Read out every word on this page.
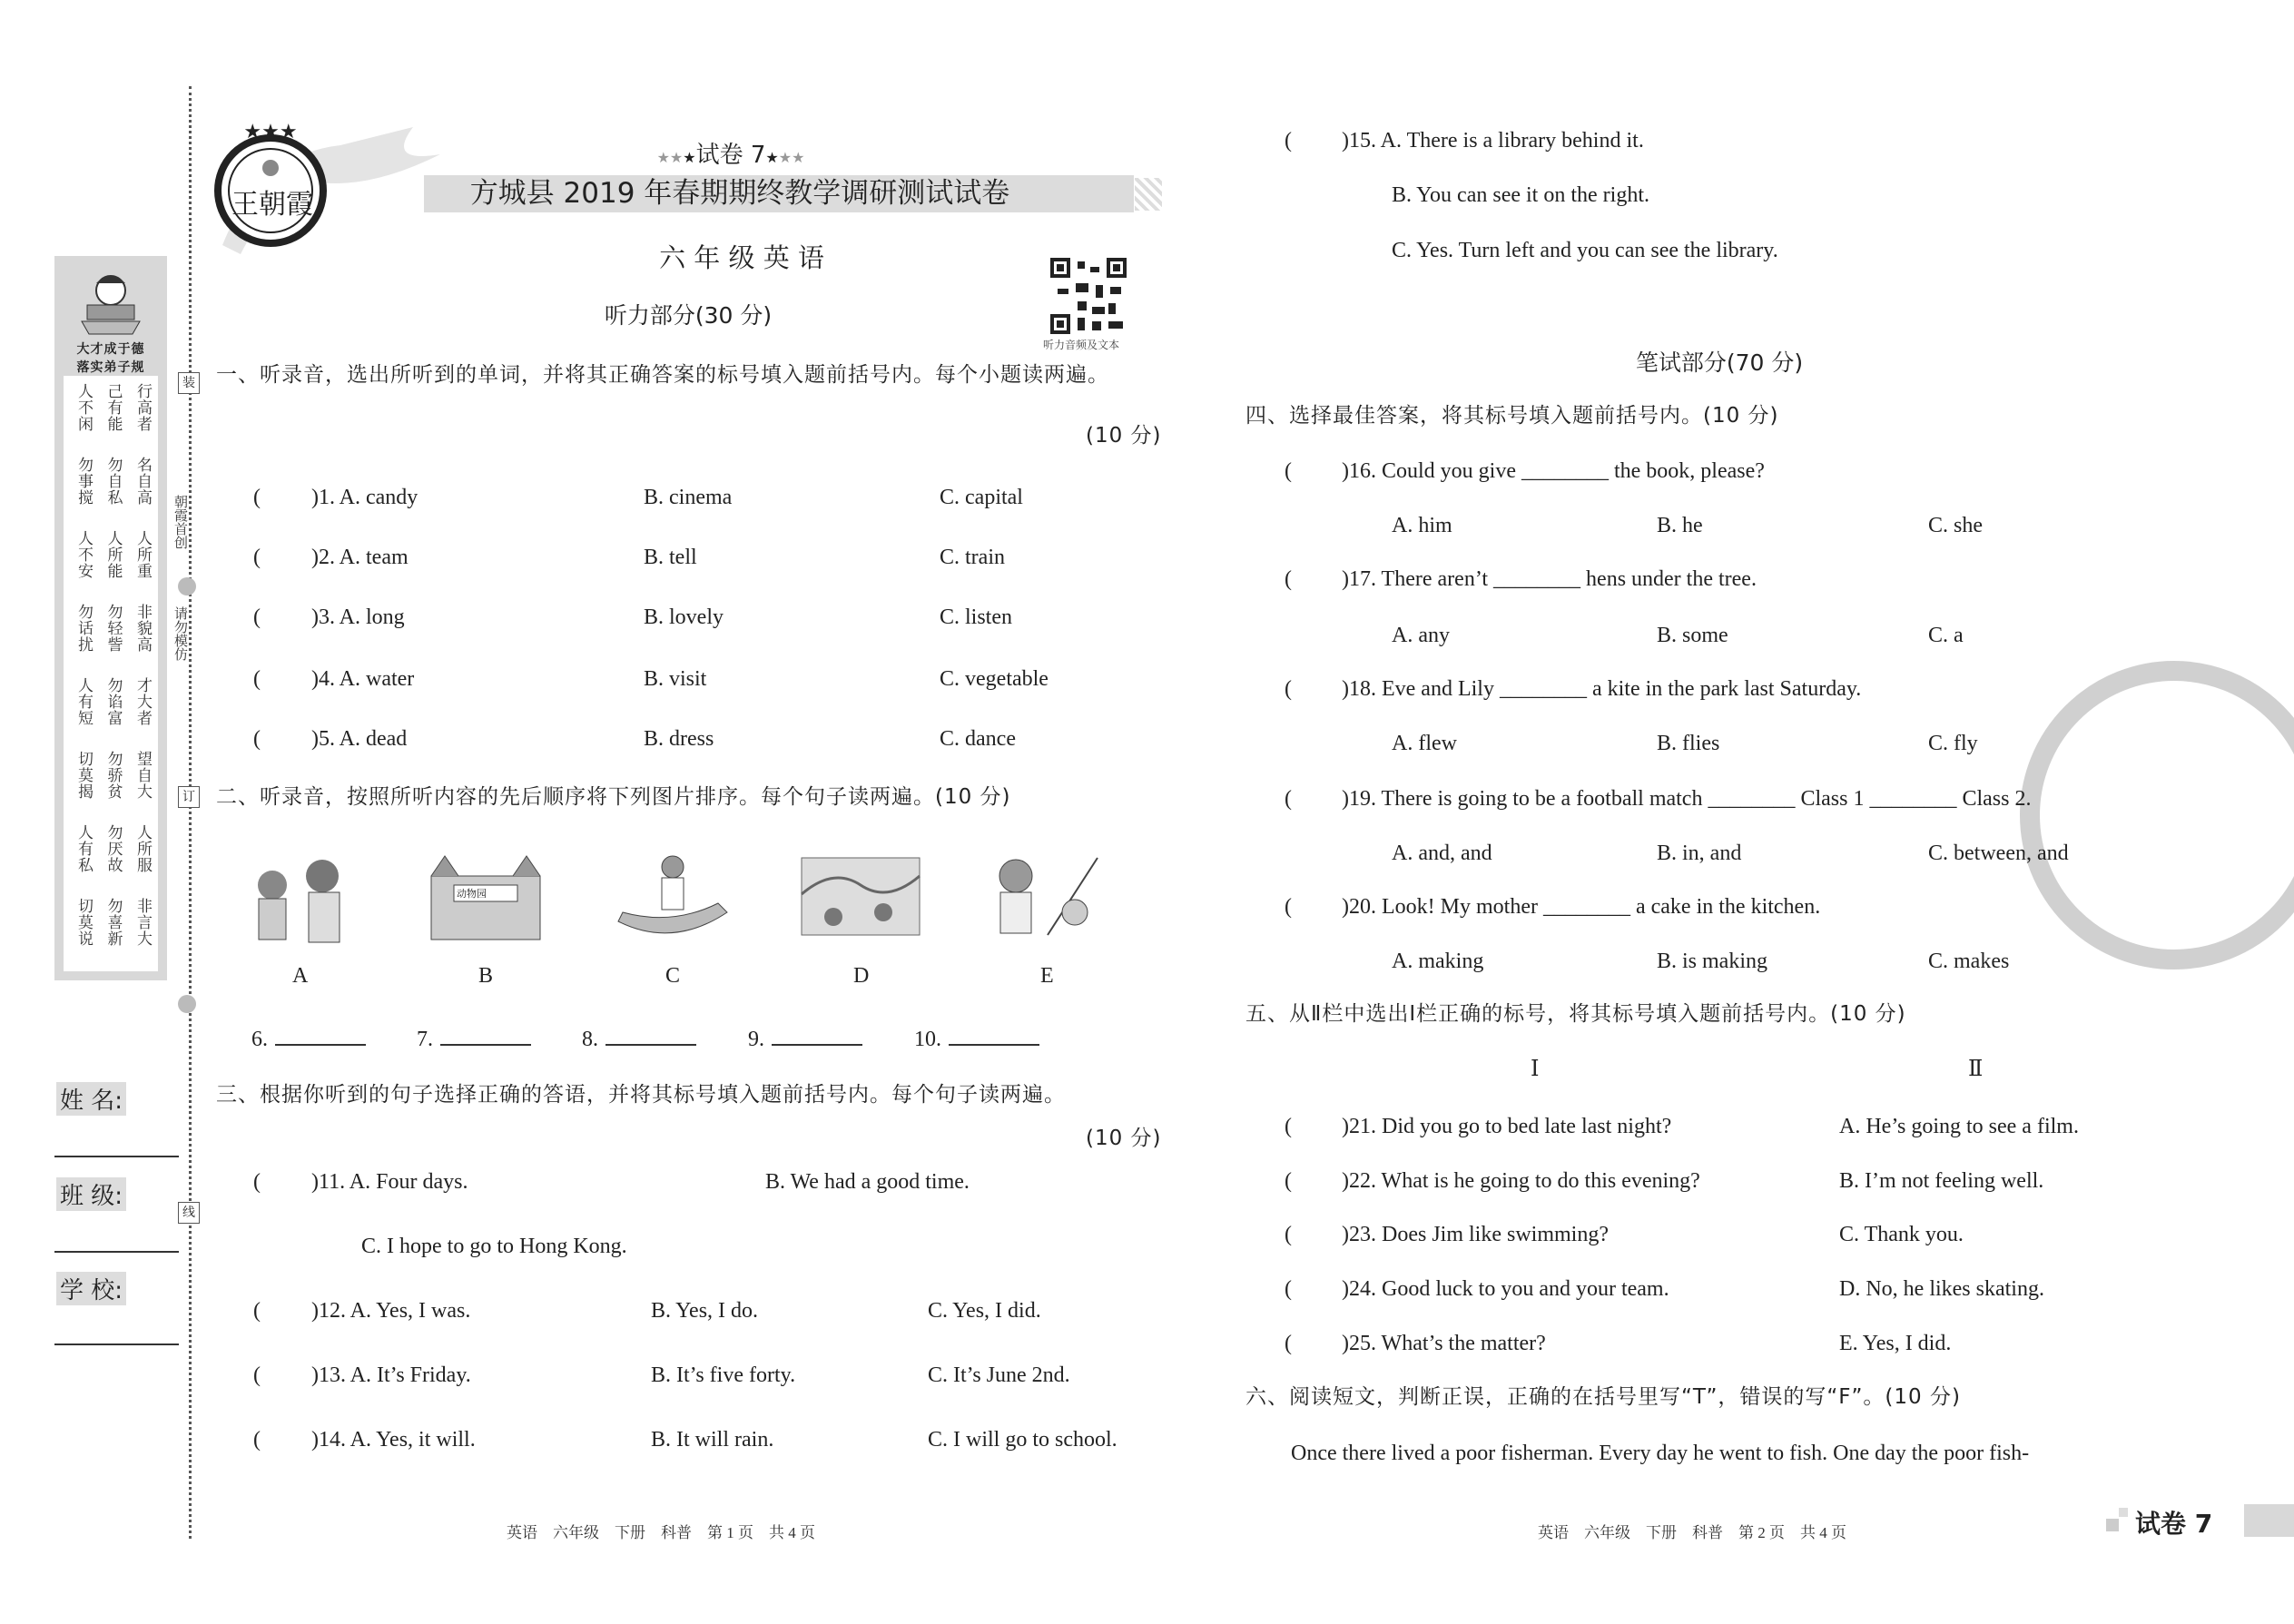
★★★
王朝霞
★★★试卷 7★★★
方城县 2019 年春期期终教学调研测试试卷
六 年 级 英 语
听力部分(30 分)
听力音频及文本
大才成于德
落实弟子规
人不闲 己有能 行高者
勿事搅 勿自私 名自高
人不安 人所能 人所重
勿话扰 勿轻訾 非貌高
人有短 勿谄富 才大者
切莫揭 勿骄贫 望自大
人有私 勿厌故 人所服
切莫说 勿喜新 非言大
装
订
线
朝霞首创
请勿模仿
姓 名:
班 级:
学 校:
一、听录音，选出所听到的单词，并将其正确答案的标号填入题前括号内。每个小题读两遍。
(10 分)
( )1. A. candy	B. cinema	C. capital
( )2. A. team	B. tell	C. train
( )3. A. long	B. lovely	C. listen
( )4. A. water	B. visit	C. vegetable
( )5. A. dead	B. dress	C. dance
二、听录音，按照所听内容的先后顺序将下列图片排序。每个句子读两遍。(10 分)
A
动物园
B	C	D	E
6.	7.	8.	9.	10.
三、根据你听到的句子选择正确的答语，并将其标号填入题前括号内。每个句子读两遍。
(10 分)
( )11. A. Four days.	B. We had a good time.
C. I hope to go to Hong Kong.
( )12. A. Yes, I was.	B. Yes, I do.	C. Yes, I did.
( )13. A. It’s Friday.	B. It’s five forty.	C. It’s June 2nd.
( )14. A. Yes, it will.	B. It will rain.	C. I will go to school.
( )15. A. There is a library behind it.
B. You can see it on the right.
C. Yes. Turn left and you can see the library.
笔试部分(70 分)
四、选择最佳答案，将其标号填入题前括号内。(10 分)
( )16. Could you give ________ the book, please?
A. him	B. he	C. she
( )17. There aren’t ________ hens under the tree.
A. any	B. some	C. a
( )18. Eve and Lily ________ a kite in the park last Saturday.
A. flew	B. flies	C. fly
( )19. There is going to be a football match ________ Class 1 ________ Class 2.
A. and, and	B. in, and	C. between, and
( )20. Look! My mother ________ a cake in the kitchen.
A. making	B. is making	C. makes
五、从Ⅱ栏中选出Ⅰ栏正确的标号，将其标号填入题前括号内。(10 分)
Ⅰ	Ⅱ
( )21. Did you go to bed late last night?	A. He’s going to see a film.
( )22. What is he going to do this evening?	B. I’m not feeling well.
( )23. Does Jim like swimming?	C. Thank you.
( )24. Good luck to you and your team.	D. No, he likes skating.
( )25. What’s the matter?	E. Yes, I did.
六、阅读短文，判断正误，正确的在括号里写“T”，错误的写“F”。(10 分)
Once there lived a poor fisherman. Every day he went to fish. One day the poor fish-
英语　六年级　下册　科普　第 1 页　共 4 页	英语　六年级　下册　科普　第 2 页　共 4 页	试卷 7
